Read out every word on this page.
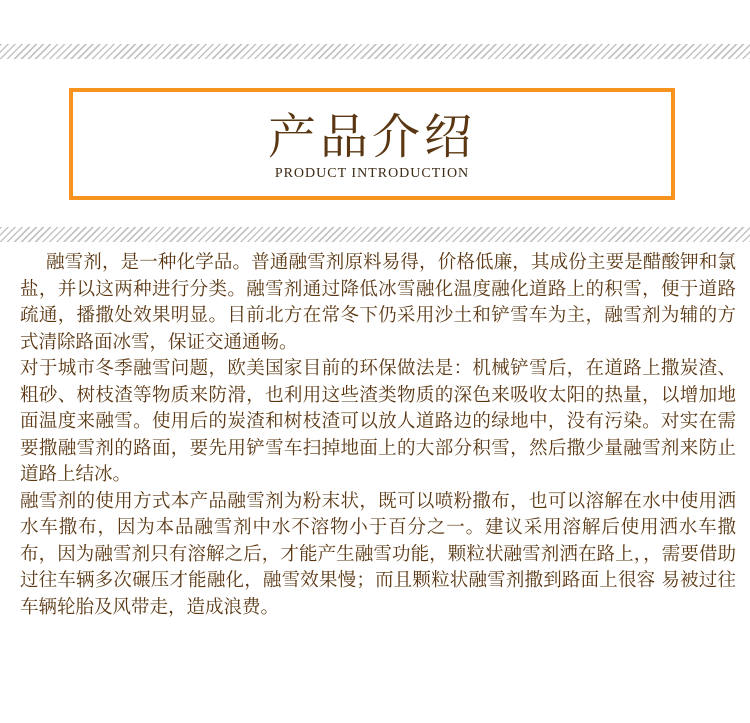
产品介绍
PRODUCT INTRODUCTION

融雪剂，是一种化学品。普通融雪剂原料易得，价格低廉，其成份主要是醋酸钾和氯盐，并以这两种进行分类。融雪剂通过降低冰雪融化温度融化道路上的积雪，便于道路疏通，播撒处效果明显。目前北方在常冬下仍采用沙土和铲雪车为主，融雪剂为辅的方式清除路面冰雪，保证交通通畅。

对于城市冬季融雪问题，欧美国家目前的环保做法是：机械铲雪后，在道路上撒炭渣、粗砂、树枝渣等物质来防滑，也利用这些渣类物质的深色来吸收太阳的热量，以增加地面温度来融雪。使用后的炭渣和树枝渣可以放人道路边的绿地中，没有污染。对实在需要撒融雪剂的路面，要先用铲雪车扫掉地面上的大部分积雪，然后撒少量融雪剂来防止道路上结冰。

融雪剂的使用方式本产品融雪剂为粉末状，既可以喷粉撒布，也可以溶解在水中使用洒水车撒布，因为本品融雪剂中水不溶物小于百分之一。建议采用溶解后使用洒水车撒 布，因为融雪剂只有溶解之后，才能产生融雪功能，颗粒状融雪剂洒在路上，，需要借助过往车辆多次碾压才能融化，融雪效果慢；而且颗粒状融雪剂撒到路面上很容 易被过往车辆轮胎及风带走，造成浪费。
